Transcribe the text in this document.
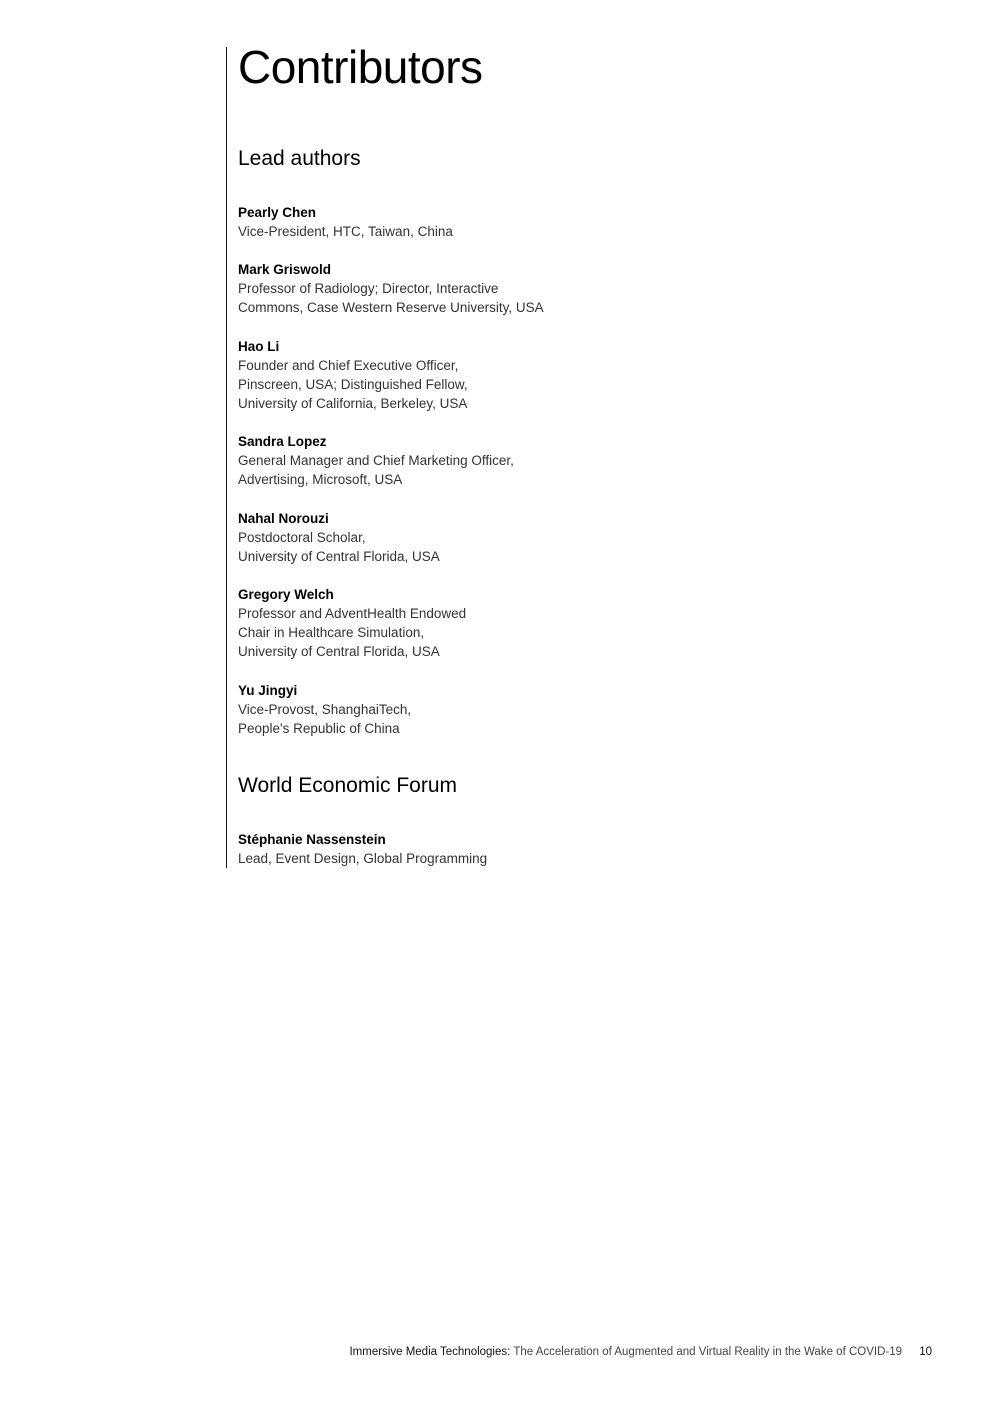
Contributors
Lead authors
Pearly Chen
Vice-President, HTC, Taiwan, China
Mark Griswold
Professor of Radiology; Director, Interactive
Commons, Case Western Reserve University, USA
Hao Li
Founder and Chief Executive Officer,
Pinscreen, USA; Distinguished Fellow,
University of California, Berkeley, USA
Sandra Lopez
General Manager and Chief Marketing Officer,
Advertising, Microsoft, USA
Nahal Norouzi
Postdoctoral Scholar,
University of Central Florida, USA
Gregory Welch
Professor and AdventHealth Endowed
Chair in Healthcare Simulation,
University of Central Florida, USA
Yu Jingyi
Vice-Provost, ShanghaiTech,
People's Republic of China
World Economic Forum
Stéphanie Nassenstein
Lead, Event Design, Global Programming
Immersive Media Technologies: The Acceleration of Augmented and Virtual Reality in the Wake of COVID-19 10
